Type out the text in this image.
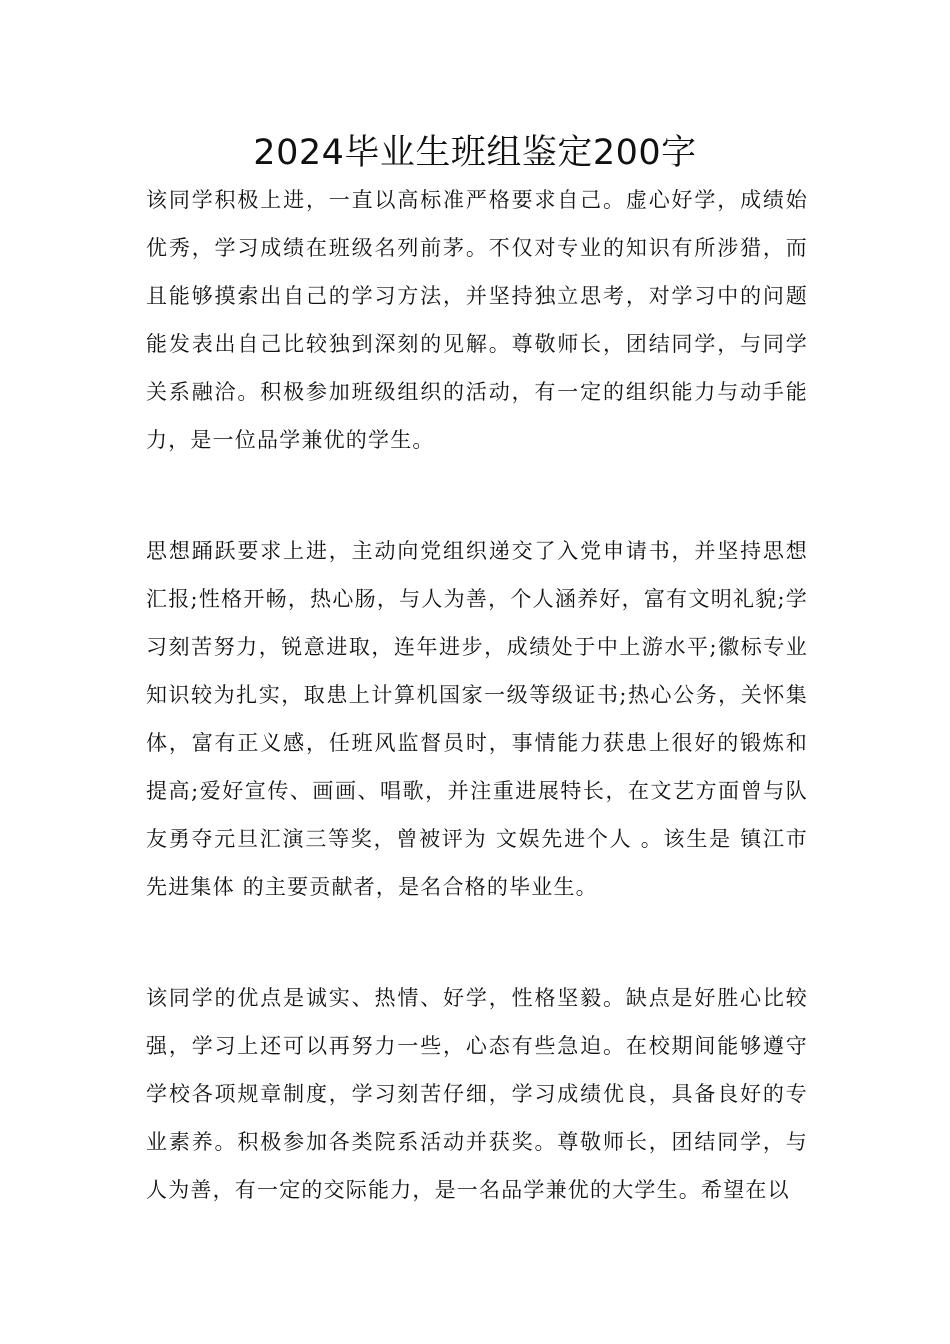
2024毕业生班组鉴定200字

该同学积极上进，一直以高标准严格要求自己。虚心好学，成绩始优秀，学习成绩在班级名列前茅。不仅对专业的知识有所涉猎，而且能够摸索出自己的学习方法，并坚持独立思考，对学习中的问题能发表出自己比较独到深刻的见解。尊敬师长，团结同学，与同学关系融洽。积极参加班级组织的活动，有一定的组织能力与动手能力，是一位品学兼优的学生。

思想踊跃要求上进，主动向党组织递交了入党申请书，并坚持思想汇报;性格开畅，热心肠，与人为善，个人涵养好，富有文明礼貌;学习刻苦努力，锐意进取，连年进步，成绩处于中上游水平;徽标专业知识较为扎实，取患上计算机国家一级等级证书;热心公务，关怀集体，富有正义感，任班风监督员时，事情能力获患上很好的锻炼和提高;爱好宣传、画画、唱歌，并注重进展特长，在文艺方面曾与队友勇夺元旦汇演三等奖，曾被评为 文娱先进个人 。该生是 镇江市先进集体 的主要贡献者，是名合格的毕业生。

该同学的优点是诚实、热情、好学，性格坚毅。缺点是好胜心比较强，学习上还可以再努力一些，心态有些急迫。在校期间能够遵守学校各项规章制度，学习刻苦仔细，学习成绩优良，具备良好的专业素养。积极参加各类院系活动并获奖。尊敬师长，团结同学，与人为善，有一定的交际能力，是一名品学兼优的大学生。希望在以
